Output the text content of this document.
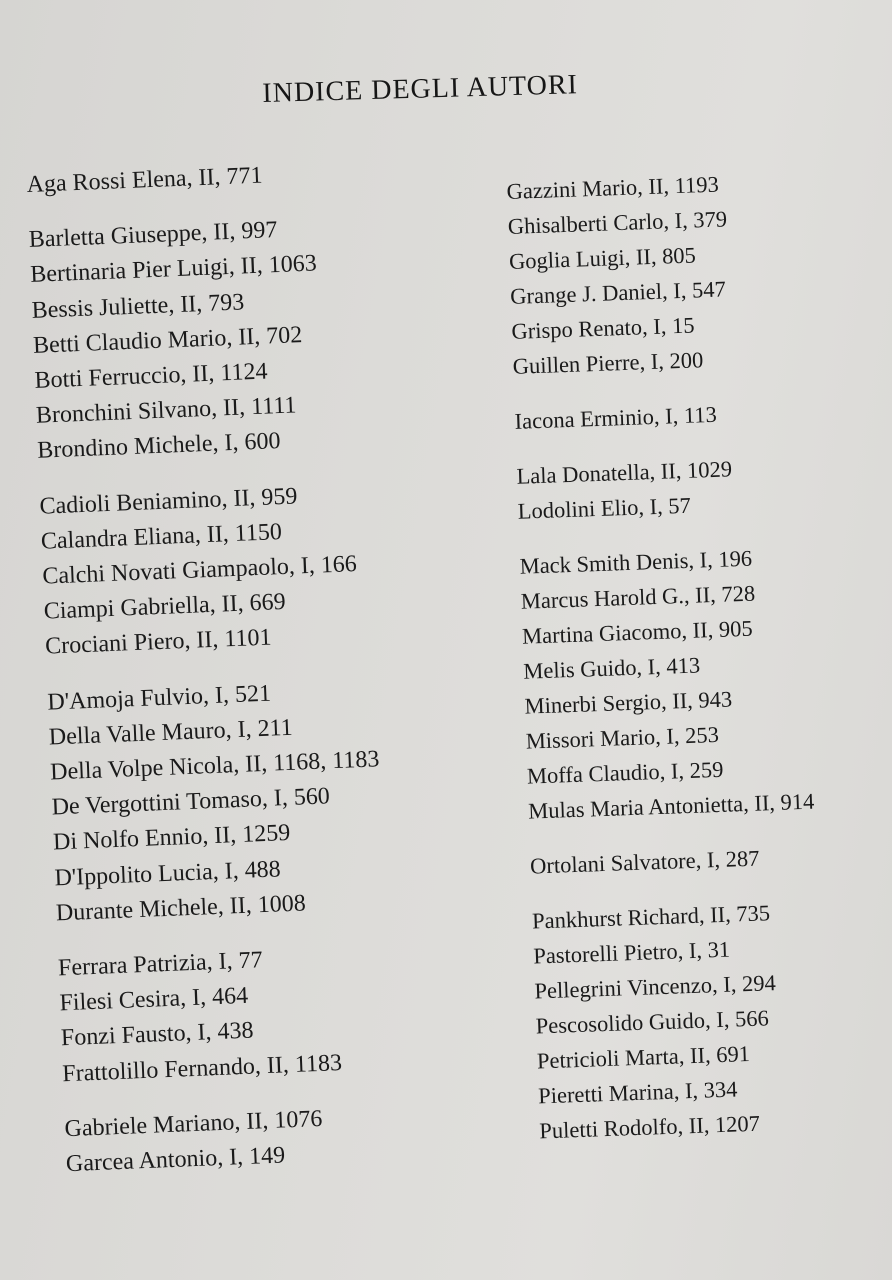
INDICE DEGLI AUTORI
Aga Rossi Elena, II, 771
Barletta Giuseppe, II, 997
Bertinaria Pier Luigi, II, 1063
Bessis Juliette, II, 793
Betti Claudio Mario, II, 702
Botti Ferruccio, II, 1124
Bronchini Silvano, II, 1111
Brondino Michele, I, 600
Cadioli Beniamino, II, 959
Calandra Eliana, II, 1150
Calchi Novati Giampaolo, I, 166
Ciampi Gabriella, II, 669
Crociani Piero, II, 1101
D'Amoja Fulvio, I, 521
Della Valle Mauro, I, 211
Della Volpe Nicola, II, 1168, 1183
De Vergottini Tomaso, I, 560
Di Nolfo Ennio, II, 1259
D'Ippolito Lucia, I, 488
Durante Michele, II, 1008
Ferrara Patrizia, I, 77
Filesi Cesira, I, 464
Fonzi Fausto, I, 438
Frattolillo Fernando, II, 1183
Gabriele Mariano, II, 1076
Garcea Antonio, I, 149
Gazzini Mario, II, 1193
Ghisalberti Carlo, I, 379
Goglia Luigi, II, 805
Grange J. Daniel, I, 547
Grispo Renato, I, 15
Guillen Pierre, I, 200
Iacona Erminio, I, 113
Lala Donatella, II, 1029
Lodolini Elio, I, 57
Mack Smith Denis, I, 196
Marcus Harold G., II, 728
Martina Giacomo, II, 905
Melis Guido, I, 413
Minerbi Sergio, II, 943
Missori Mario, I, 253
Moffa Claudio, I, 259
Mulas Maria Antonietta, II, 914
Ortolani Salvatore, I, 287
Pankhurst Richard, II, 735
Pastorelli Pietro, I, 31
Pellegrini Vincenzo, I, 294
Pescosolido Guido, I, 566
Petricioli Marta, II, 691
Pieretti Marina, I, 334
Puletti Rodolfo, II, 1207
